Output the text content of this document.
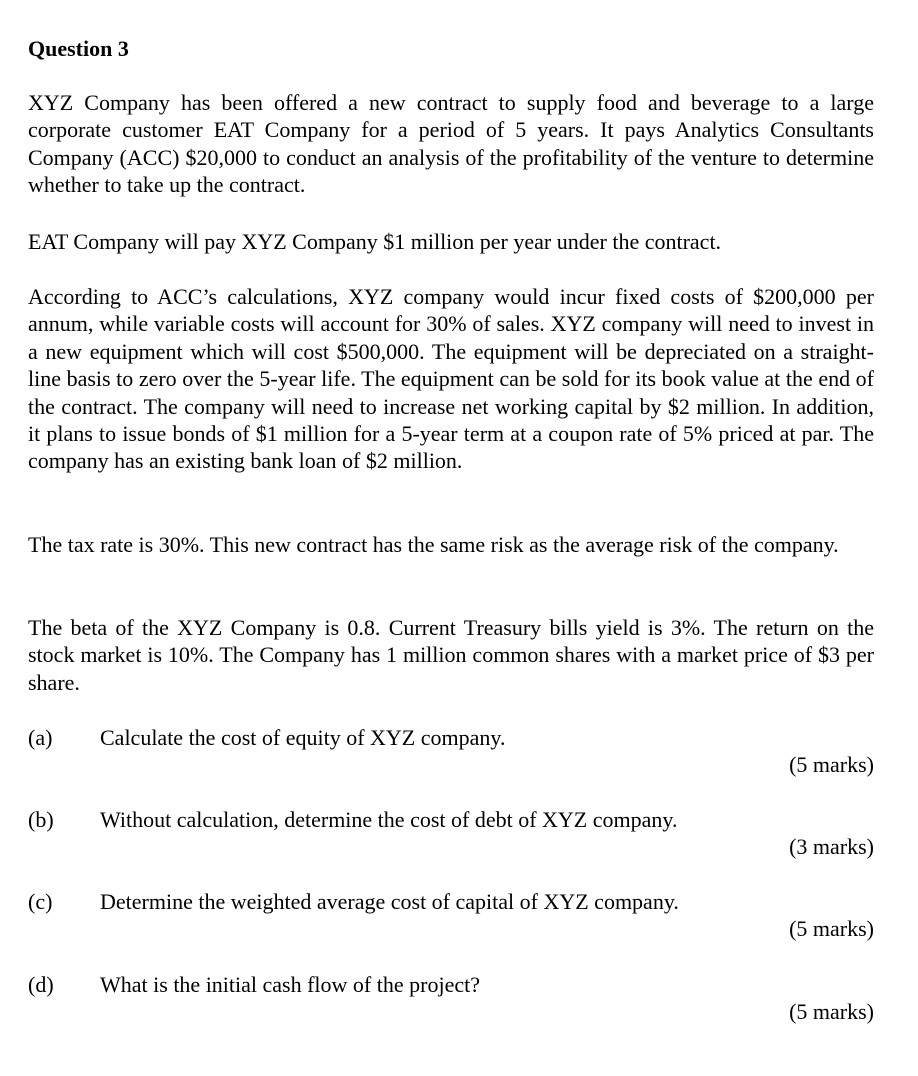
Question 3

XYZ Company has been offered a new contract to supply food and beverage to a large corporate customer EAT Company for a period of 5 years. It pays Analytics Consultants Company (ACC) $20,000 to conduct an analysis of the profitability of the venture to determine whether to take up the contract.

EAT Company will pay XYZ Company $1 million per year under the contract.

According to ACC’s calculations, XYZ company would incur fixed costs of $200,000 per annum, while variable costs will account for 30% of sales. XYZ company will need to invest in a new equipment which will cost $500,000. The equipment will be depreciated on a straight-line basis to zero over the 5-year life. The equipment can be sold for its book value at the end of the contract. The company will need to increase net working capital by $2 million. In addition, it plans to issue bonds of $1 million for a 5-year term at a coupon rate of 5% priced at par. The company has an existing bank loan of $2 million.

The tax rate is 30%. This new contract has the same risk as the average risk of the company.

The beta of the XYZ Company is 0.8. Current Treasury bills yield is 3%. The return on the stock market is 10%. The Company has 1 million common shares with a market price of $3 per share.

(a) Calculate the cost of equity of XYZ company.
(5 marks)
(b) Without calculation, determine the cost of debt of XYZ company.
(3 marks)
(c) Determine the weighted average cost of capital of XYZ company.
(5 marks)
(d) What is the initial cash flow of the project?
(5 marks)
